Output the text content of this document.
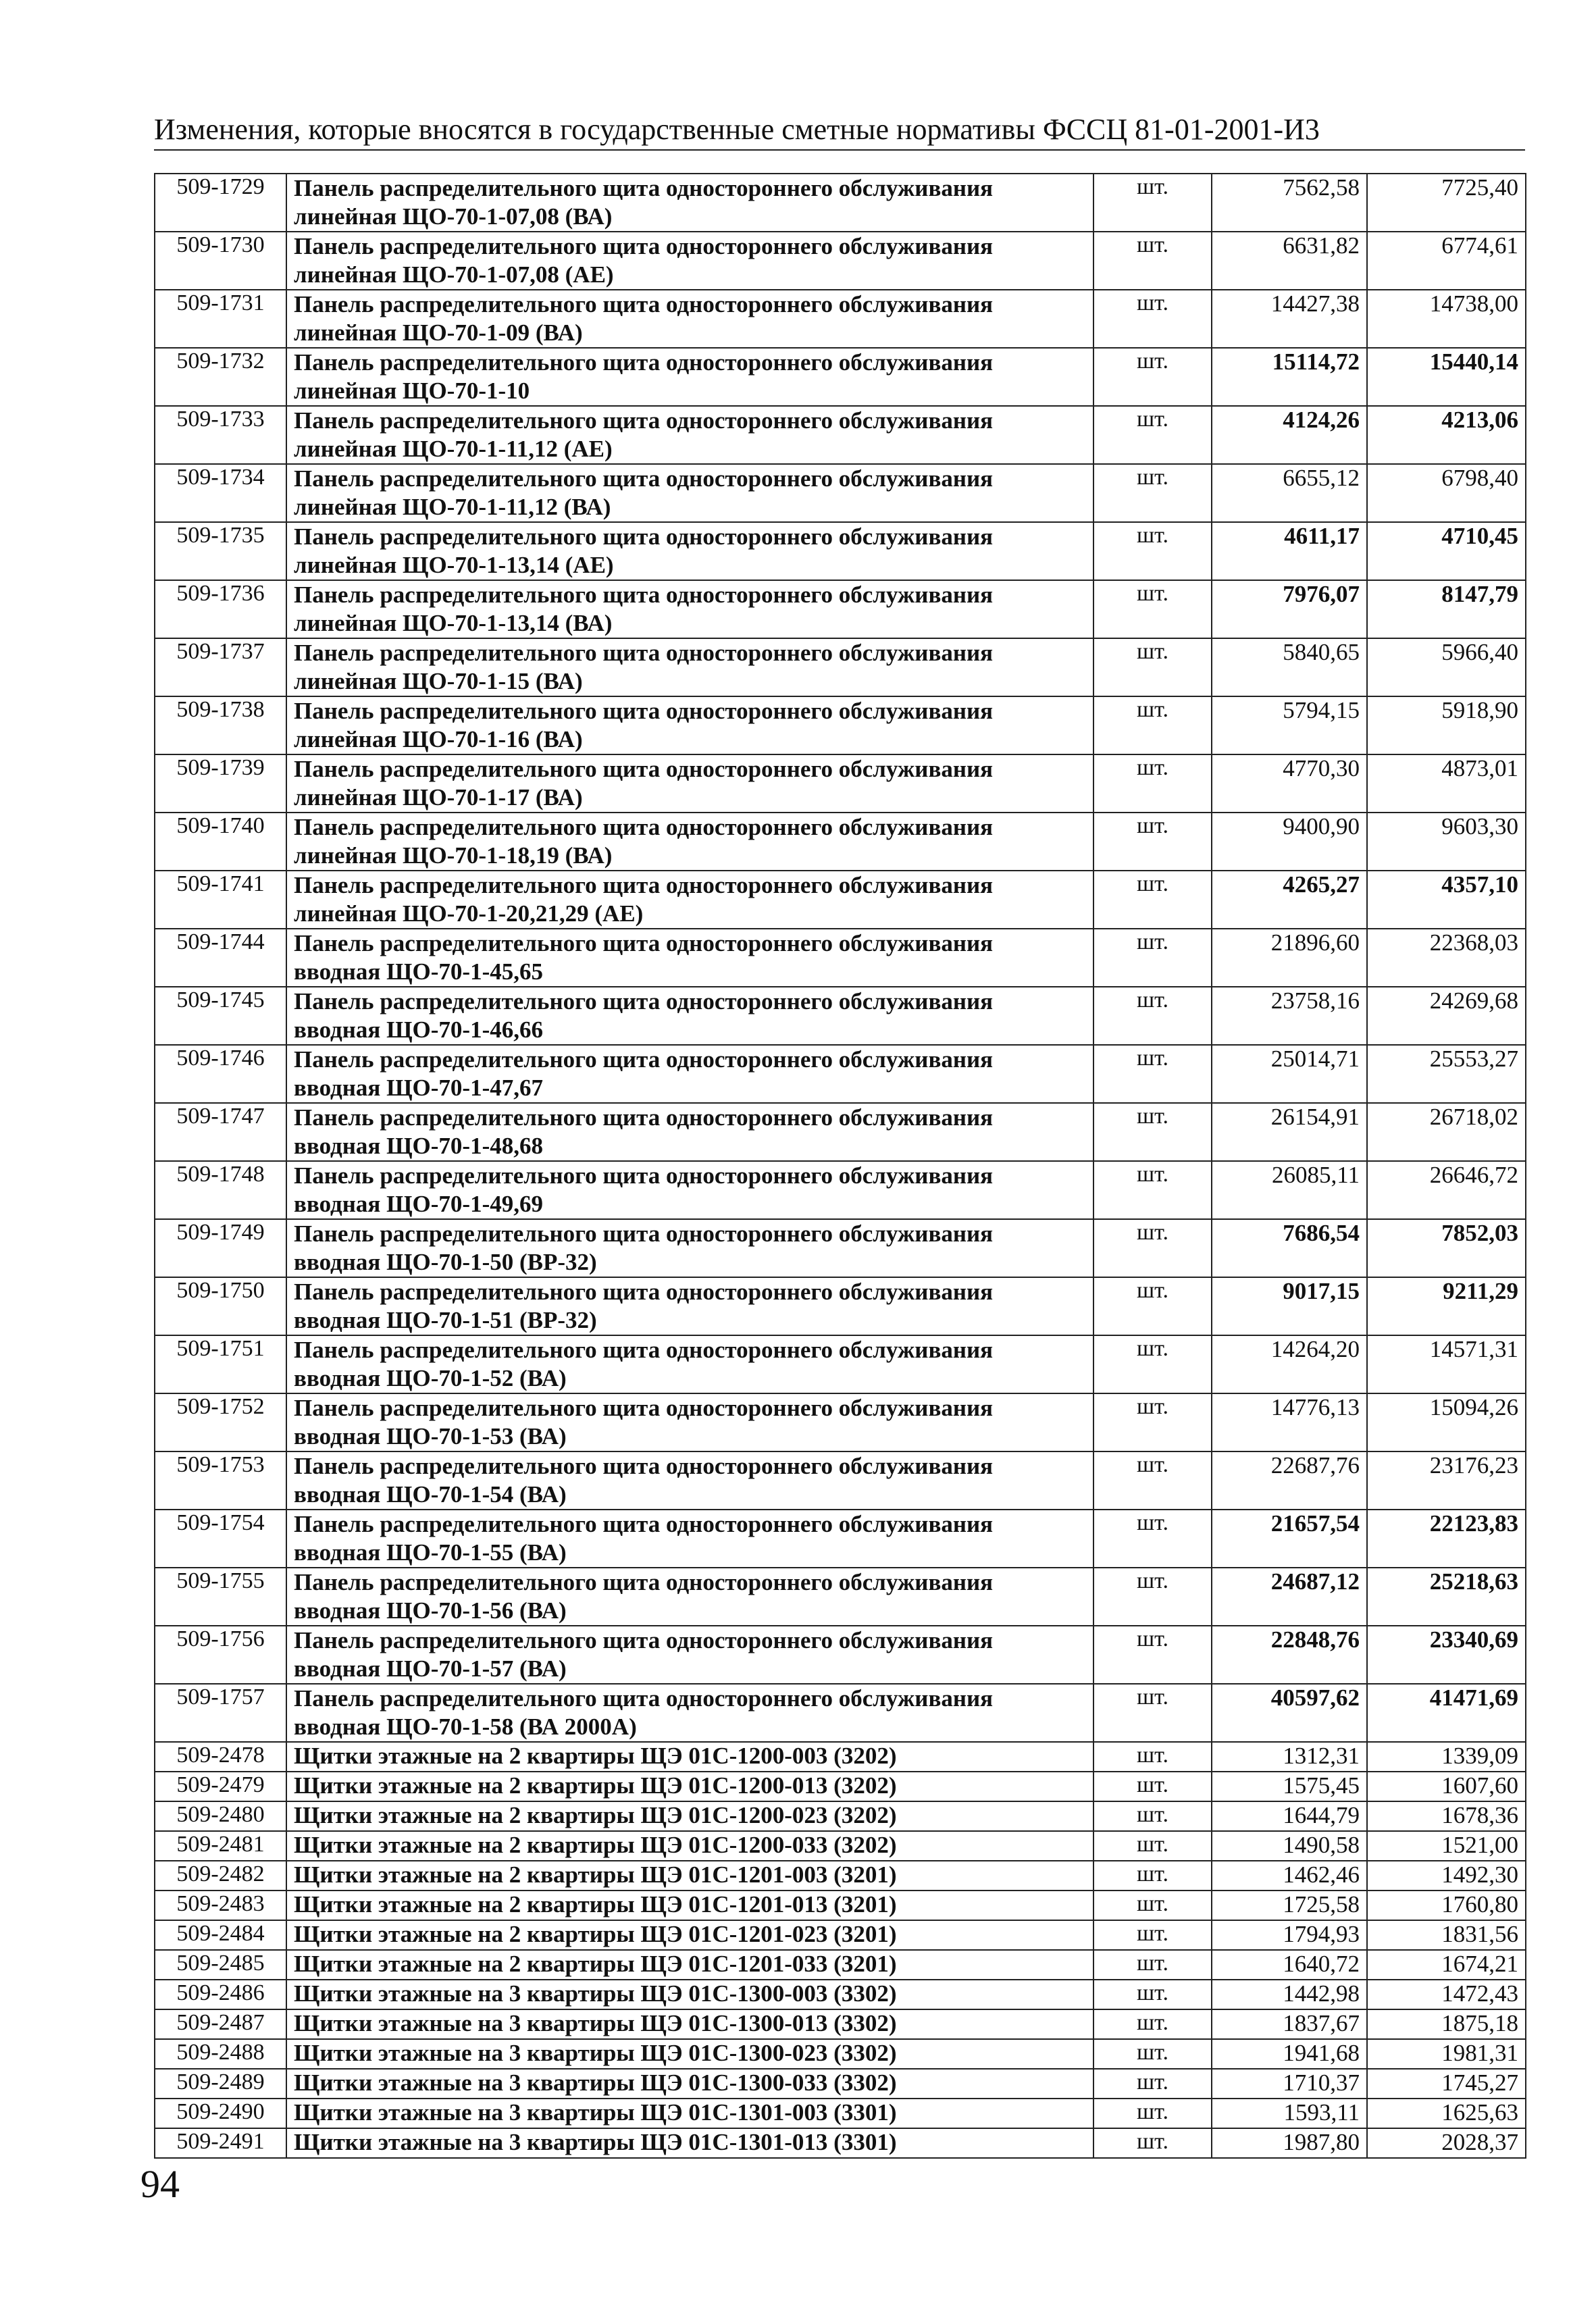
Изменения, которые вносятся в государственные сметные нормативы ФССЦ 81-01-2001-И3
509-1729	Панель распределительного щита одностороннего обслуживания
линейная ЩО-70-1-07,08 (ВА)	шт.	7562,58	7725,40
509-1730	Панель распределительного щита одностороннего обслуживания
линейная ЩО-70-1-07,08 (АЕ)	шт.	6631,82	6774,61
509-1731	Панель распределительного щита одностороннего обслуживания
линейная ЩО-70-1-09 (ВА)	шт.	14427,38	14738,00
509-1732	Панель распределительного щита одностороннего обслуживания
линейная ЩО-70-1-10	шт.	15114,72	15440,14
509-1733	Панель распределительного щита одностороннего обслуживания
линейная ЩО-70-1-11,12 (АЕ)	шт.	4124,26	4213,06
509-1734	Панель распределительного щита одностороннего обслуживания
линейная ЩО-70-1-11,12 (ВА)	шт.	6655,12	6798,40
509-1735	Панель распределительного щита одностороннего обслуживания
линейная ЩО-70-1-13,14 (АЕ)	шт.	4611,17	4710,45
509-1736	Панель распределительного щита одностороннего обслуживания
линейная ЩО-70-1-13,14 (ВА)	шт.	7976,07	8147,79
509-1737	Панель распределительного щита одностороннего обслуживания
линейная ЩО-70-1-15 (ВА)	шт.	5840,65	5966,40
509-1738	Панель распределительного щита одностороннего обслуживания
линейная ЩО-70-1-16 (ВА)	шт.	5794,15	5918,90
509-1739	Панель распределительного щита одностороннего обслуживания
линейная ЩО-70-1-17 (ВА)	шт.	4770,30	4873,01
509-1740	Панель распределительного щита одностороннего обслуживания
линейная ЩО-70-1-18,19 (ВА)	шт.	9400,90	9603,30
509-1741	Панель распределительного щита одностороннего обслуживания
линейная ЩО-70-1-20,21,29 (АЕ)	шт.	4265,27	4357,10
509-1744	Панель распределительного щита одностороннего обслуживания
вводная ЩО-70-1-45,65	шт.	21896,60	22368,03
509-1745	Панель распределительного щита одностороннего обслуживания
вводная ЩО-70-1-46,66	шт.	23758,16	24269,68
509-1746	Панель распределительного щита одностороннего обслуживания
вводная ЩО-70-1-47,67	шт.	25014,71	25553,27
509-1747	Панель распределительного щита одностороннего обслуживания
вводная ЩО-70-1-48,68	шт.	26154,91	26718,02
509-1748	Панель распределительного щита одностороннего обслуживания
вводная ЩО-70-1-49,69	шт.	26085,11	26646,72
509-1749	Панель распределительного щита одностороннего обслуживания
вводная ЩО-70-1-50 (ВР-32)	шт.	7686,54	7852,03
509-1750	Панель распределительного щита одностороннего обслуживания
вводная ЩО-70-1-51 (ВР-32)	шт.	9017,15	9211,29
509-1751	Панель распределительного щита одностороннего обслуживания
вводная ЩО-70-1-52 (ВА)	шт.	14264,20	14571,31
509-1752	Панель распределительного щита одностороннего обслуживания
вводная ЩО-70-1-53 (ВА)	шт.	14776,13	15094,26
509-1753	Панель распределительного щита одностороннего обслуживания
вводная ЩО-70-1-54 (ВА)	шт.	22687,76	23176,23
509-1754	Панель распределительного щита одностороннего обслуживания
вводная ЩО-70-1-55 (ВА)	шт.	21657,54	22123,83
509-1755	Панель распределительного щита одностороннего обслуживания
вводная ЩО-70-1-56 (ВА)	шт.	24687,12	25218,63
509-1756	Панель распределительного щита одностороннего обслуживания
вводная ЩО-70-1-57 (ВА)	шт.	22848,76	23340,69
509-1757	Панель распределительного щита одностороннего обслуживания
вводная ЩО-70-1-58 (ВА 2000А)	шт.	40597,62	41471,69
509-2478	Щитки этажные на 2 квартиры ЩЭ 01С-1200-003 (3202)	шт.	1312,31	1339,09
509-2479	Щитки этажные на 2 квартиры ЩЭ 01С-1200-013 (3202)	шт.	1575,45	1607,60
509-2480	Щитки этажные на 2 квартиры ЩЭ 01С-1200-023 (3202)	шт.	1644,79	1678,36
509-2481	Щитки этажные на 2 квартиры ЩЭ 01С-1200-033 (3202)	шт.	1490,58	1521,00
509-2482	Щитки этажные на 2 квартиры ЩЭ 01С-1201-003 (3201)	шт.	1462,46	1492,30
509-2483	Щитки этажные на 2 квартиры ЩЭ 01С-1201-013 (3201)	шт.	1725,58	1760,80
509-2484	Щитки этажные на 2 квартиры ЩЭ 01С-1201-023 (3201)	шт.	1794,93	1831,56
509-2485	Щитки этажные на 2 квартиры ЩЭ 01С-1201-033 (3201)	шт.	1640,72	1674,21
509-2486	Щитки этажные на 3 квартиры ЩЭ 01С-1300-003 (3302)	шт.	1442,98	1472,43
509-2487	Щитки этажные на 3 квартиры ЩЭ 01С-1300-013 (3302)	шт.	1837,67	1875,18
509-2488	Щитки этажные на 3 квартиры ЩЭ 01С-1300-023 (3302)	шт.	1941,68	1981,31
509-2489	Щитки этажные на 3 квартиры ЩЭ 01С-1300-033 (3302)	шт.	1710,37	1745,27
509-2490	Щитки этажные на 3 квартиры ЩЭ 01С-1301-003 (3301)	шт.	1593,11	1625,63
509-2491	Щитки этажные на 3 квартиры ЩЭ 01С-1301-013 (3301)	шт.	1987,80	2028,37
94
